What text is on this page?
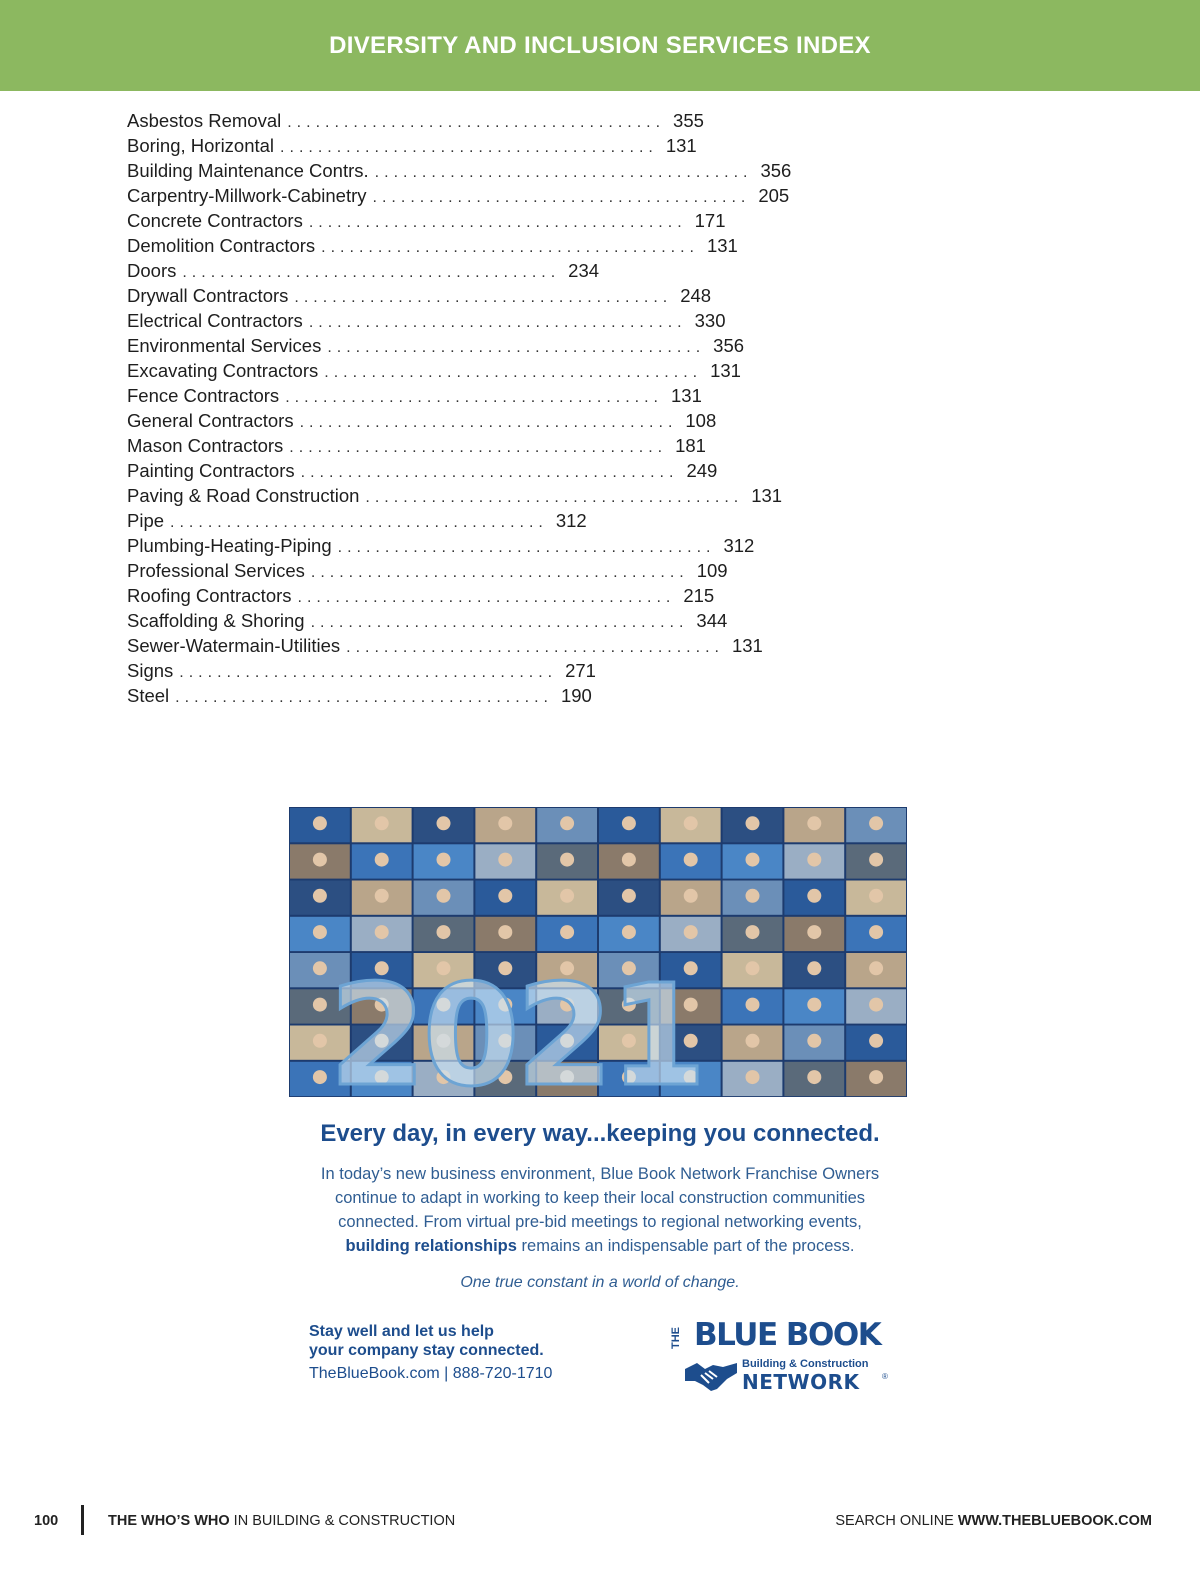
DIVERSITY AND INCLUSION SERVICES INDEX
Asbestos Removal ........................................ 355
Boring, Horizontal ........................................ 131
Building Maintenance Contrs. ........................................ 356
Carpentry-Millwork-Cabinetry ........................................ 205
Concrete Contractors ........................................ 171
Demolition Contractors ........................................ 131
Doors ........................................ 234
Drywall Contractors ........................................ 248
Electrical Contractors ........................................ 330
Environmental Services ........................................ 356
Excavating Contractors ........................................ 131
Fence Contractors ........................................ 131
General Contractors ........................................ 108
Mason Contractors ........................................ 181
Painting Contractors ........................................ 249
Paving & Road Construction ........................................ 131
Pipe ........................................ 312
Plumbing-Heating-Piping ........................................ 312
Professional Services ........................................ 109
Roofing Contractors ........................................ 215
Scaffolding & Shoring ........................................ 344
Sewer-Watermain-Utilities ........................................ 131
Signs ........................................ 271
Steel ........................................ 190
2021
Every day, in every way...keeping you connected.
In today’s new business environment, Blue Book Network Franchise Owners
continue to adapt in working to keep their local construction communities
connected. From virtual pre-bid meetings to regional networking events,
building relationships remains an indispensable part of the process.
One true constant in a world of change.
Stay well and let us help
your company stay connected.
TheBlueBook.com | 888-720-1710
THE BLUE BOOK
Building & Construction
NETWORK	®
100	THE WHO’S WHO IN BUILDING & CONSTRUCTION	SEARCH ONLINE WWW.THEBLUEBOOK.COM
